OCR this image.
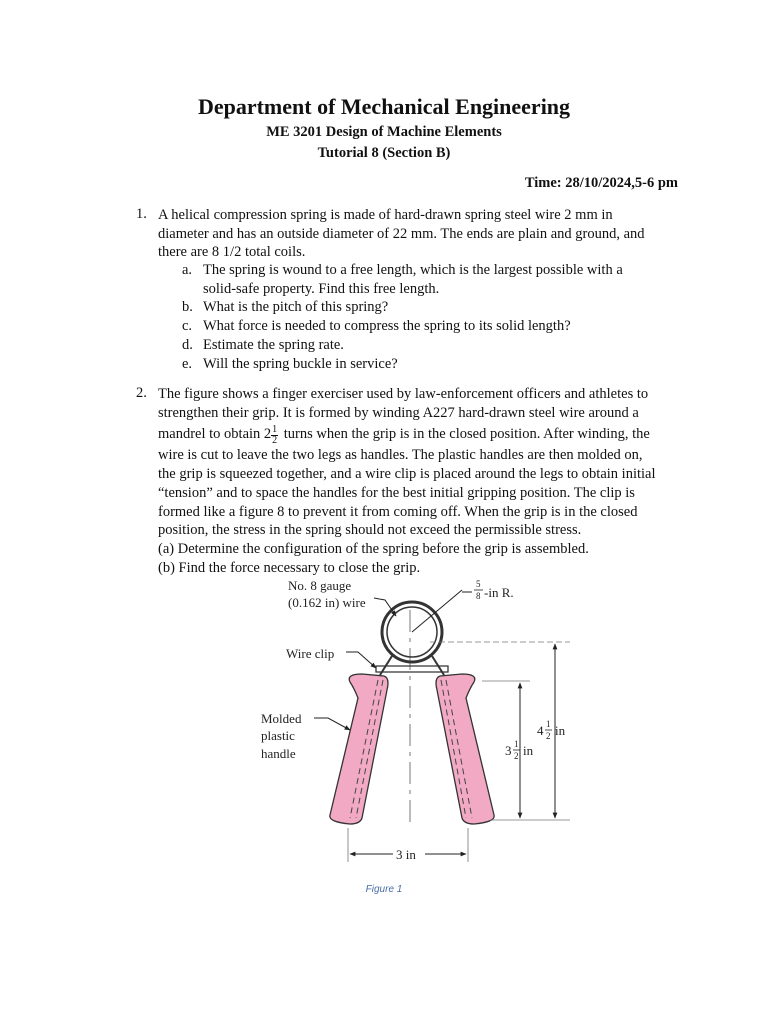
Department of Mechanical Engineering
ME 3201 Design of Machine Elements
Tutorial 8 (Section B)
Time: 28/10/2024,5-6 pm
1. A helical compression spring is made of hard-drawn spring steel wire 2 mm in
diameter and has an outside diameter of 22 mm. The ends are plain and ground, and
there are 8 1/2 total coils.
a. The spring is wound to a free length, which is the largest possible with a
solid-safe property. Find this free length.
b. What is the pitch of this spring?
c. What force is needed to compress the spring to its solid length?
d. Estimate the spring rate.
e. Will the spring buckle in service?
2. The figure shows a finger exerciser used by law-enforcement officers and athletes to
strengthen their grip. It is formed by winding A227 hard-drawn steel wire around a
mandrel to obtain $2 \frac{1}{2}$ turns when the grip is in the closed position. After winding, the
wire is cut to leave the two legs as handles. The plastic handles are then molded on,
the grip is squeezed together, and a wire clip is placed around the legs to obtain initial
“tension” and to space the handles for the best initial gripping position. The clip is
formed like a figure 8 to prevent it from coming off. When the grip is in the closed
position, the stress in the spring should not exceed the permissible stress.
(a) Determine the configuration of the spring before the grip is assembled.
(b) Find the force necessary to close the grip.
No. 8 gauge
(0.162 in) wire
5
8 -in R.
Wire clip
Molded
plastic
handle
4 1
2 in
3 1
2 in
3 in
Figure 1
